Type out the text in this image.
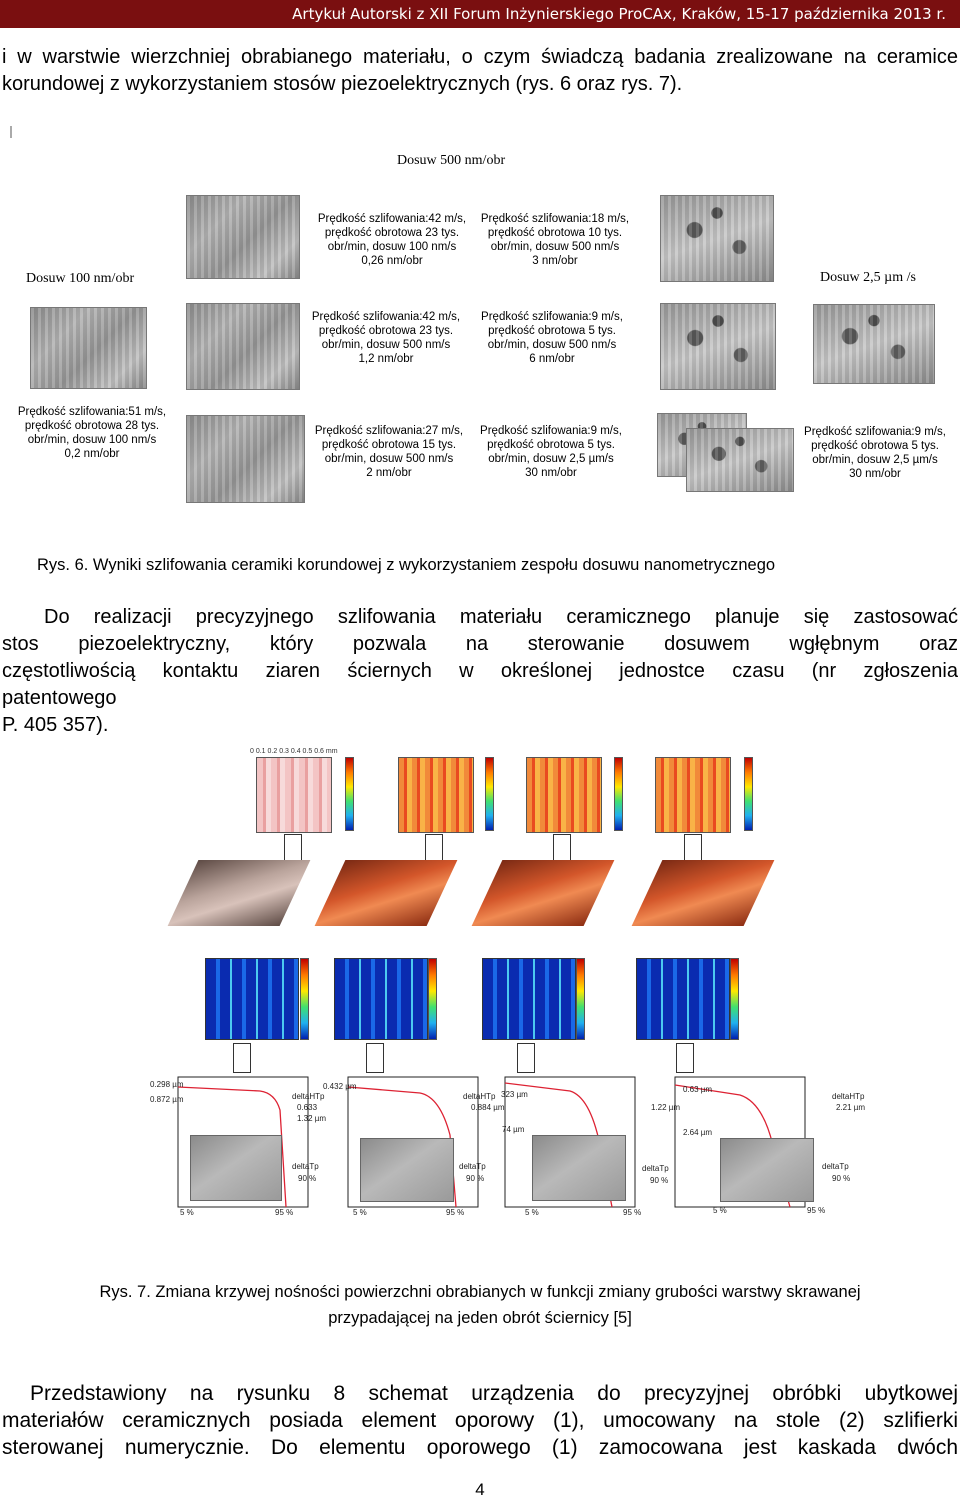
Artykuł Autorski z XII Forum Inżynierskiego ProCAx, Kraków, 15-17 października 2013 r.
i w warstwie wierzchniej obrabianego materiału, o czym świadczą badania zrealizowane na ceramice korundowej z wykorzystaniem stosów piezoelektrycznych (rys. 6 oraz rys. 7).
Dosuw 500 nm/obr
Dosuw 100 nm/obr	Dosuw 2,5 µm /s
Prędkość szlifowania:42 m/s,
prędkość obrotowa 23 tys.
obr/min, dosuw 100 nm/s
0,26 nm/obr
Prędkość szlifowania:18 m/s,
prędkość obrotowa 10 tys.
obr/min, dosuw 500 nm/s
3 nm/obr
Prędkość szlifowania:42 m/s,
prędkość obrotowa 23 tys.
obr/min, dosuw 500 nm/s
1,2 nm/obr
Prędkość szlifowania:9 m/s,
prędkość obrotowa 5 tys.
obr/min, dosuw 500 nm/s
6 nm/obr
Prędkość szlifowania:51 m/s,
prędkość obrotowa 28 tys.
obr/min, dosuw 100 nm/s
0,2 nm/obr
Prędkość szlifowania:27 m/s,
prędkość obrotowa 15 tys.
obr/min, dosuw 500 nm/s
2 nm/obr
Prędkość szlifowania:9 m/s,
prędkość obrotowa 5 tys.
obr/min, dosuw 2,5 µm/s
30 nm/obr
Prędkość szlifowania:9 m/s,
prędkość obrotowa 5 tys.
obr/min, dosuw 2,5 µm/s
30 nm/obr
Rys. 6. Wyniki szlifowania ceramiki korundowej z wykorzystaniem zespołu dosuwu nanometrycznego
Do realizacji precyzyjnego szlifowania materiału ceramicznego planuje się zastosować
stos piezoelektryczny, który pozwala na sterowanie dosuwem wgłębnym oraz
częstotliwością kontaktu ziaren ściernych w określonej jednostce czasu (nr zgłoszenia
patentowego
P. 405 357).
0 0.1 0.2 0.3 0.4 0.5 0.6 mm
0.298 µm
0.872 µm	deltaHTp
0.633
1.32 µm
deltaTp
90 %
5 %	95 %
0.432 µm
deltaHTp
0.884 µm
323 µm
deltaTp
90 %
5 %	95 %
74 µm
1.22 µm
deltaTp
90 %
5 %	95 %
0.63 µm
2.64 µm
deltaHTp
2.21 µm
deltaTp
90 %
5 %	95 %
Rys. 7. Zmiana krzywej nośności powierzchni obrabianych w funkcji zmiany grubości warstwy skrawanej
przypadającej na jeden obrót ściernicy [5]
Przedstawiony na rysunku 8 schemat urządzenia do precyzyjnej obróbki ubytkowej
materiałów ceramicznych posiada element oporowy (1), umocowany na stole (2) szlifierki
sterowanej numerycznie. Do elementu oporowego (1) zamocowana jest kaskada dwóch
4
